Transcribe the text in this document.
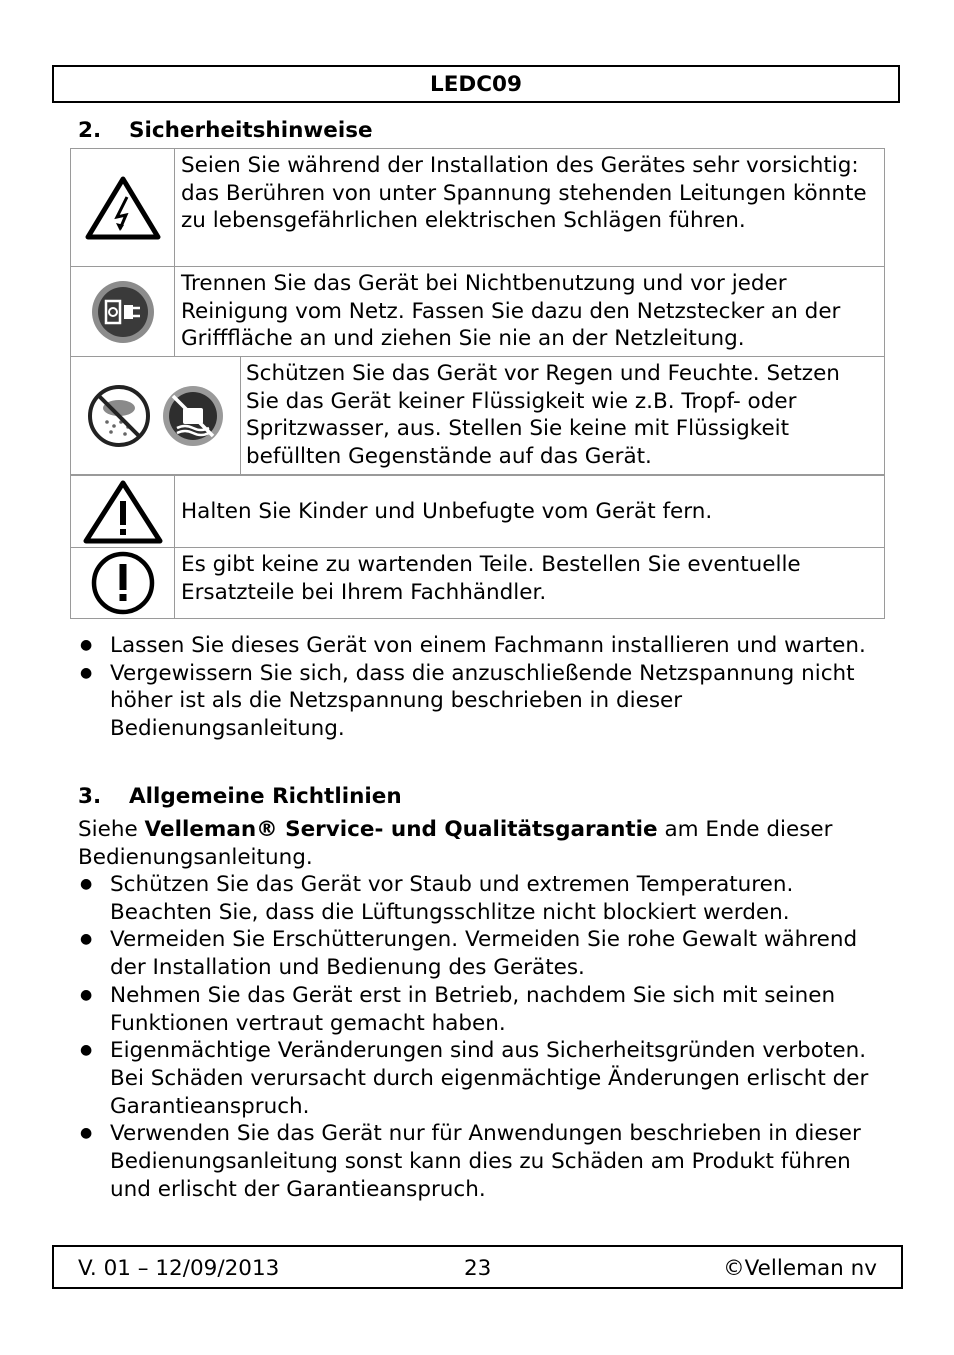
LEDC09
2. Sicherheitshinweise
Seien Sie während der Installation des Gerätes sehr vorsichtig: das Berühren von unter Spannung stehenden Leitungen könnte zu lebensgefährlichen elektrischen Schlägen führen.
Trennen Sie das Gerät bei Nichtbenutzung und vor jeder Reinigung vom Netz. Fassen Sie dazu den Netzstecker an der Grifffläche an und ziehen Sie nie an der Netzleitung.
Schützen Sie das Gerät vor Regen und Feuchte. Setzen Sie das Gerät keiner Flüssigkeit wie z.B. Tropf- oder Spritzwasser, aus. Stellen Sie keine mit Flüssigkeit befüllten Gegenstände auf das Gerät.
Halten Sie Kinder und Unbefugte vom Gerät fern.
Es gibt keine zu wartenden Teile. Bestellen Sie eventuelle Ersatzteile bei Ihrem Fachhändler.
● Lassen Sie dieses Gerät von einem Fachmann installieren und warten.
● Vergewissern Sie sich, dass die anzuschließende Netzspannung nicht höher ist als die Netzspannung beschrieben in dieser Bedienungsanleitung.
3. Allgemeine Richtlinien
Siehe Velleman® Service- und Qualitätsgarantie am Ende dieser Bedienungsanleitung.
● Schützen Sie das Gerät vor Staub und extremen Temperaturen. Beachten Sie, dass die Lüftungsschlitze nicht blockiert werden.
● Vermeiden Sie Erschütterungen. Vermeiden Sie rohe Gewalt während der Installation und Bedienung des Gerätes.
● Nehmen Sie das Gerät erst in Betrieb, nachdem Sie sich mit seinen Funktionen vertraut gemacht haben.
● Eigenmächtige Veränderungen sind aus Sicherheitsgründen verboten. Bei Schäden verursacht durch eigenmächtige Änderungen erlischt der Garantieanspruch.
● Verwenden Sie das Gerät nur für Anwendungen beschrieben in dieser Bedienungsanleitung sonst kann dies zu Schäden am Produkt führen und erlischt der Garantieanspruch.
V. 01 – 12/09/2013	23	©Velleman nv
